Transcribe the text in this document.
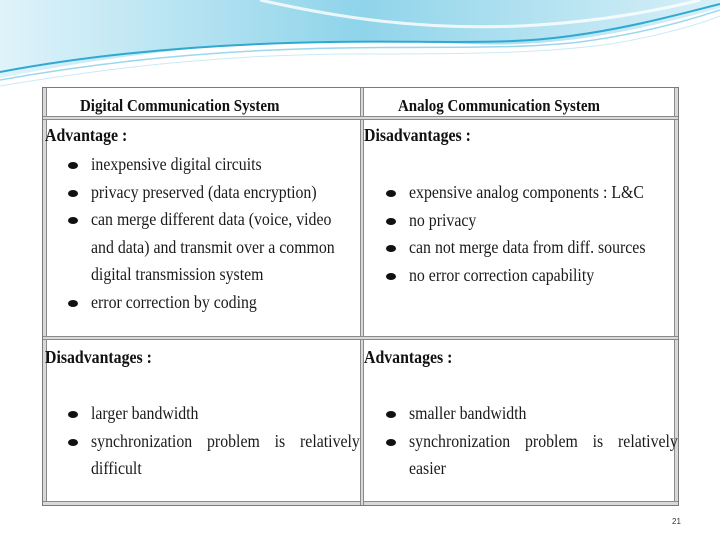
Digital Communication System	Analog Communication System
Advantage :
inexpensive digital circuits
privacy preserved (data encryption)
can merge different data (voice, video and data) and transmit over a common digital transmission system
error correction by coding
Disadvantages :
expensive analog components : L&C
no privacy
can not merge data from diff. sources
no error correction capability
Disadvantages :
larger bandwidth
synchronization problem is relatively difficult
Advantages :
smaller bandwidth
synchronization problem is relatively easier
21
